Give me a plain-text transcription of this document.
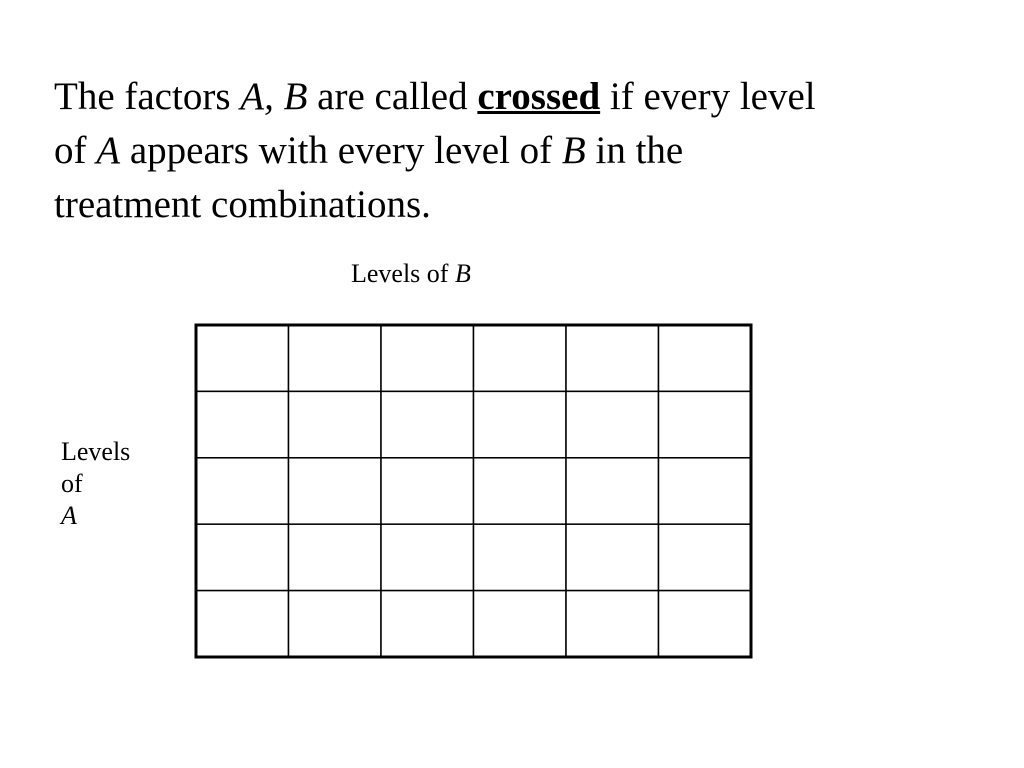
The factors A, B are called crossed if every level
of A appears with every level of B in the
treatment combinations.

Levels of B
Levels
of
A
